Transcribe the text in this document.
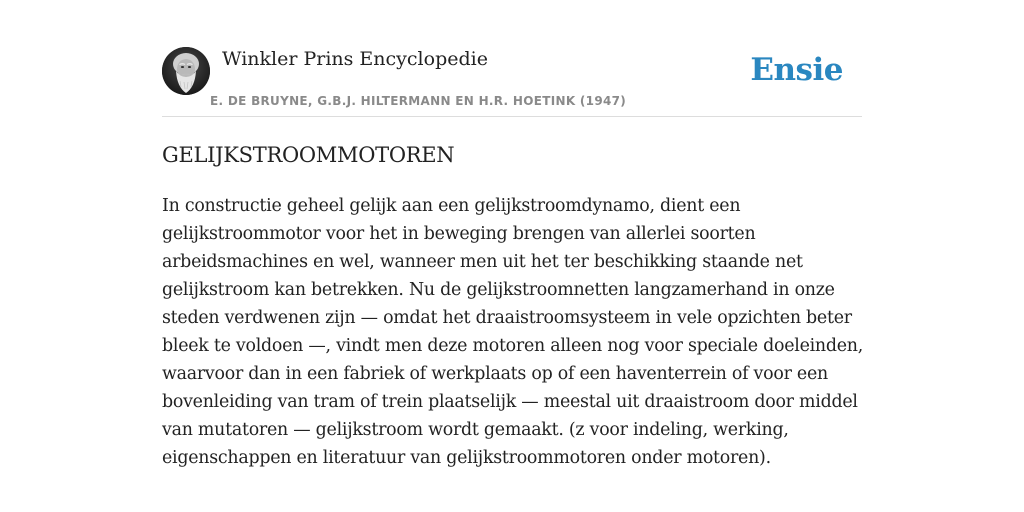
Winkler Prins Encyclopedie
E. DE BRUYNE, G.B.J. HILTERMANN EN H.R. HOETINK (1947)
Ensie
GELIJKSTROOMMOTOREN

In constructie geheel gelijk aan een gelijkstroomdynamo, dient een
gelijkstroommotor voor het in beweging brengen van allerlei soorten
arbeidsmachines en wel, wanneer men uit het ter beschikking staande net
gelijkstroom kan betrekken. Nu de gelijkstroomnetten langzamerhand in onze
steden verdwenen zijn — omdat het draaistroomsysteem in vele opzichten beter
bleek te voldoen —, vindt men deze motoren alleen nog voor speciale doeleinden,
waarvoor dan in een fabriek of werkplaats op of een haventerrein of voor een
bovenleiding van tram of trein plaatselijk — meestal uit draaistroom door middel
van mutatoren — gelijkstroom wordt gemaakt. (z voor indeling, werking,
eigenschappen en literatuur van gelijkstroommotoren onder motoren).
